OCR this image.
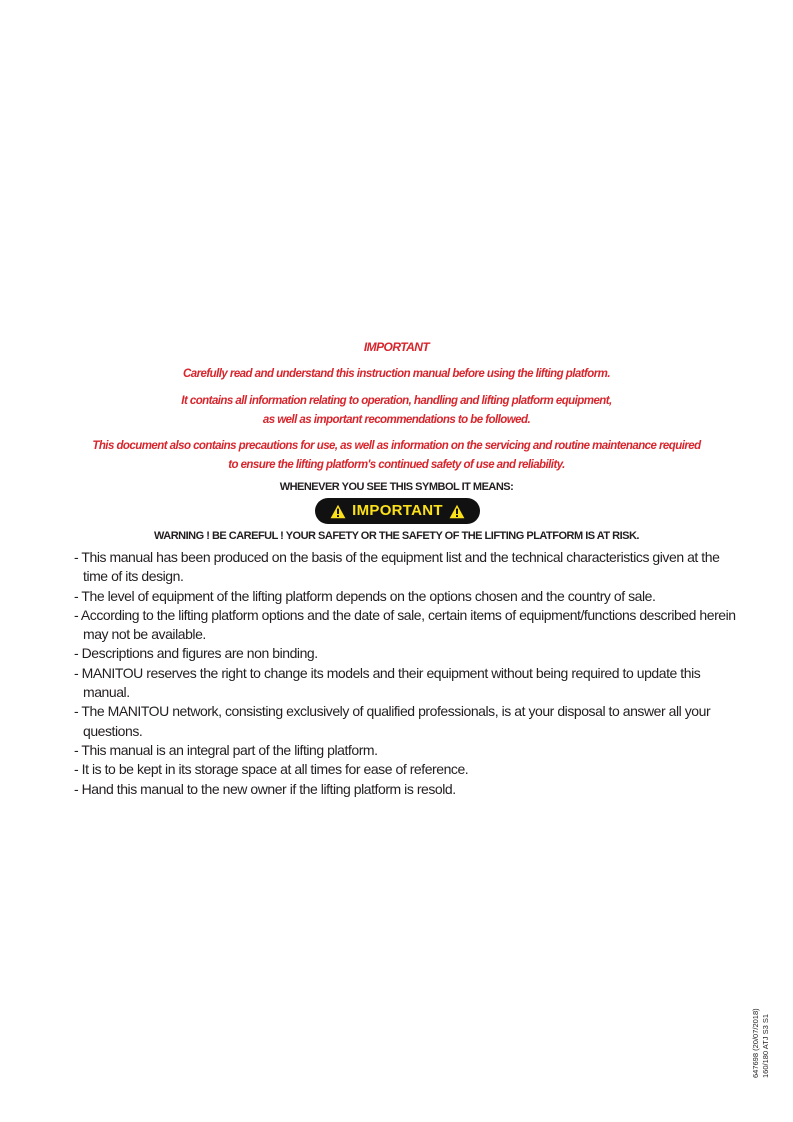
IMPORTANT
Carefully read and understand this instruction manual before using the lifting platform.
It contains all information relating to operation, handling and lifting platform equipment,
as well as important recommendations to be followed.
This document also contains precautions for use, as well as information on the servicing and routine maintenance required
to ensure the lifting platform's continued safety of use and reliability.
WHENEVER YOU SEE THIS SYMBOL IT MEANS:
IMPORTANT
WARNING ! BE CAREFUL ! YOUR SAFETY OR THE SAFETY OF THE LIFTING PLATFORM IS AT RISK.
- This manual has been produced on the basis of the equipment list and the technical characteristics given at the time of its design.
- The level of equipment of the lifting platform depends on the options chosen and the country of sale.
- According to the lifting platform options and the date of sale, certain items of equipment/functions described herein may not be available.
- Descriptions and figures are non binding.
- MANITOU reserves the right to change its models and their equipment without being required to update this manual.
- The MANITOU network, consisting exclusively of qualified professionals, is at your disposal to answer all your questions.
- This manual is an integral part of the lifting platform.
- It is to be kept in its storage space at all times for ease of reference.
- Hand this manual to the new owner if the lifting platform is resold.
647698 (20/07/2018) 160/180 ATJ S3 S1
